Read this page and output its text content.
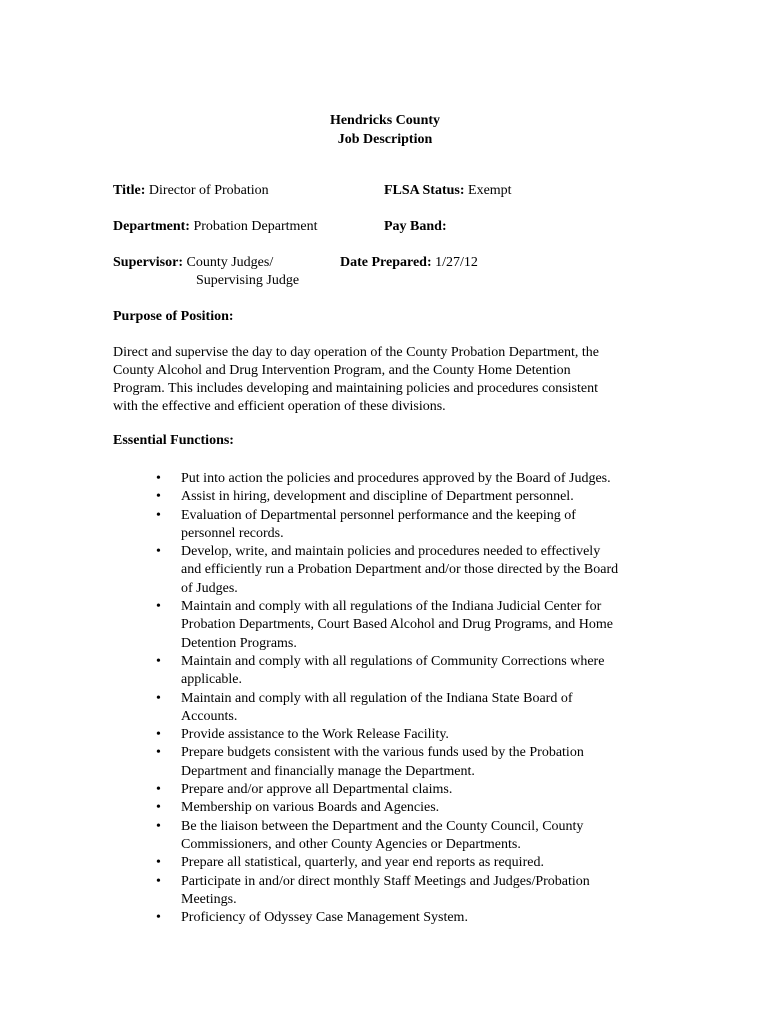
Hendricks County
Job Description
Title: Director of Probation	FLSA Status: Exempt
Department: Probation Department	Pay Band:
Supervisor: County Judges/
Supervising Judge
Date Prepared: 1/27/12
Purpose of Position:
Direct and supervise the day to day operation of the County Probation Department, the
County Alcohol and Drug Intervention Program, and the County Home Detention
Program. This includes developing and maintaining policies and procedures consistent
with the effective and efficient operation of these divisions.
Essential Functions:
• Put into action the policies and procedures approved by the Board of Judges.
• Assist in hiring, development and discipline of Department personnel.
• Evaluation of Departmental personnel performance and the keeping of
personnel records.
• Develop, write, and maintain policies and procedures needed to effectively
and efficiently run a Probation Department and/or those directed by the Board
of Judges.
• Maintain and comply with all regulations of the Indiana Judicial Center for
Probation Departments, Court Based Alcohol and Drug Programs, and Home
Detention Programs.
• Maintain and comply with all regulations of Community Corrections where
applicable.
• Maintain and comply with all regulation of the Indiana State Board of
Accounts.
• Provide assistance to the Work Release Facility.
• Prepare budgets consistent with the various funds used by the Probation
Department and financially manage the Department.
• Prepare and/or approve all Departmental claims.
• Membership on various Boards and Agencies.
• Be the liaison between the Department and the County Council, County
Commissioners, and other County Agencies or Departments.
• Prepare all statistical, quarterly, and year end reports as required.
• Participate in and/or direct monthly Staff Meetings and Judges/Probation
Meetings.
• Proficiency of Odyssey Case Management System.
